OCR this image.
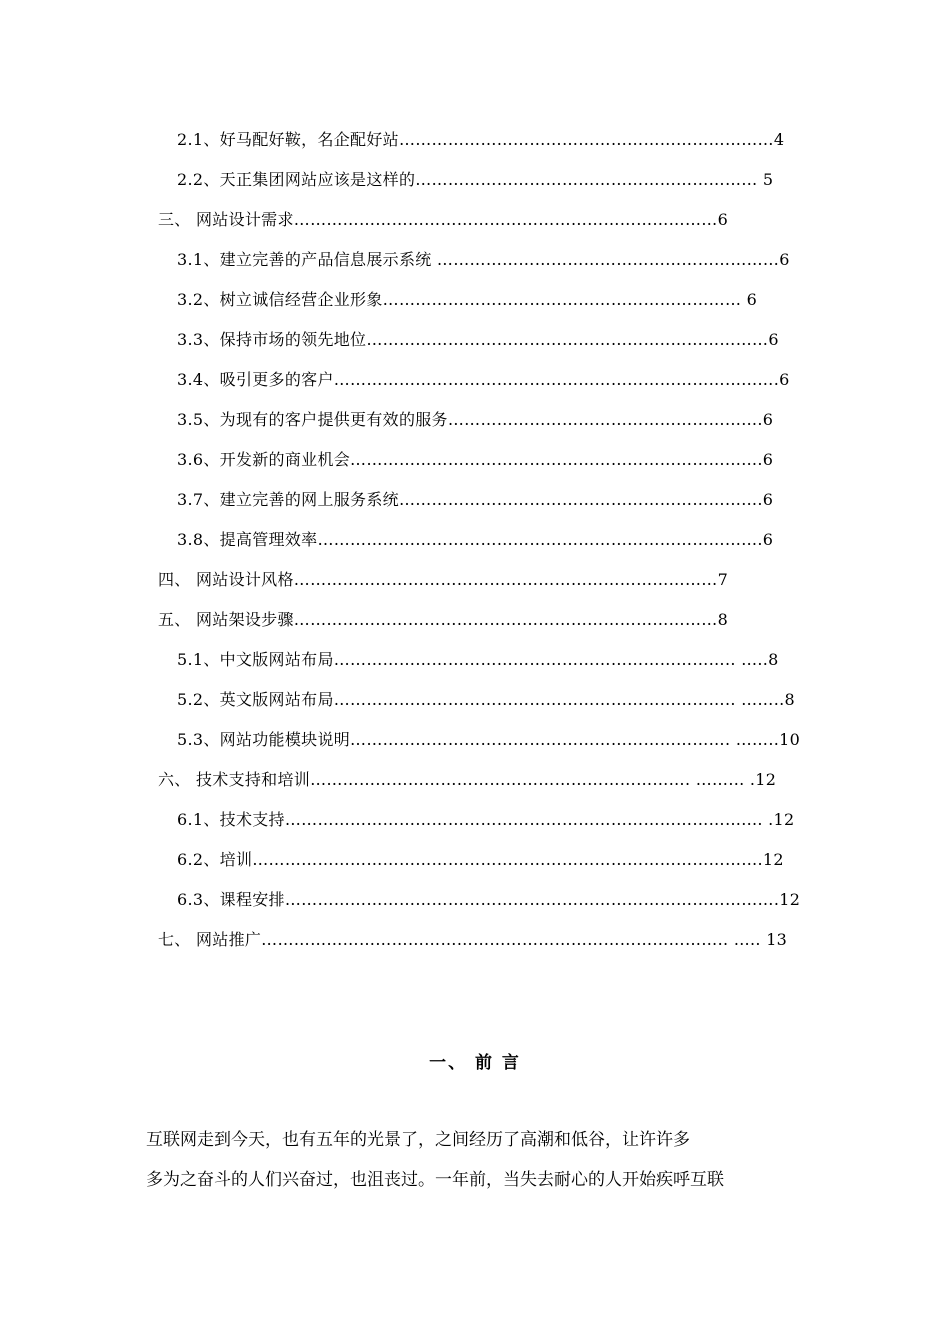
2.1、好马配好鞍，名企配好站……………………………………………………………4
2.2、天正集团网站应该是这样的……………………………………………………… 5
三、 网站设计需求……………………………………………………………………6
3.1、建立完善的产品信息展示系统 ………………………………………………………6
3.2、树立诚信经营企业形象………………………………………………………… 6
3.3、保持市场的领先地位………………………………………………..………………6
3.4、吸引更多的客户…………………………………………………………………...….6
3.5、为现有的客户提供更有效的服务……………………………………………...….6
3.6、开发新的商业机会……………………………………………………………...….6
3.7、建立完善的网上服务系统……………………………………………………...….6
3.8、提高管理效率…………………………………………………………………...….6
四、 网站设计风格……………………………………………………………………7
五、 网站架设步骤……………………………………………………………………8
5.1、中文版网站布局……………………………………………………………….. …..8
5.2、英文版网站布局……………………………………………………………….. ……..8
5.3、网站功能模块说明……………………………………………………………. ……..10
六、 技术支持和培训……………………………………………………………. ……... .12
6.1、技术支持………………………………………………………………………….... .12
6.2、培训………………………………………………………………………………….12
6.3、课程安排……………………………………………………………………………….12
七、 网站推广………………………………………………………………………….. ….. 13
一、 前 言
互联网走到今天，也有五年的光景了，之间经历了高潮和低谷，让许许多
多为之奋斗的人们兴奋过，也沮丧过。一年前，当失去耐心的人开始疾呼互联
